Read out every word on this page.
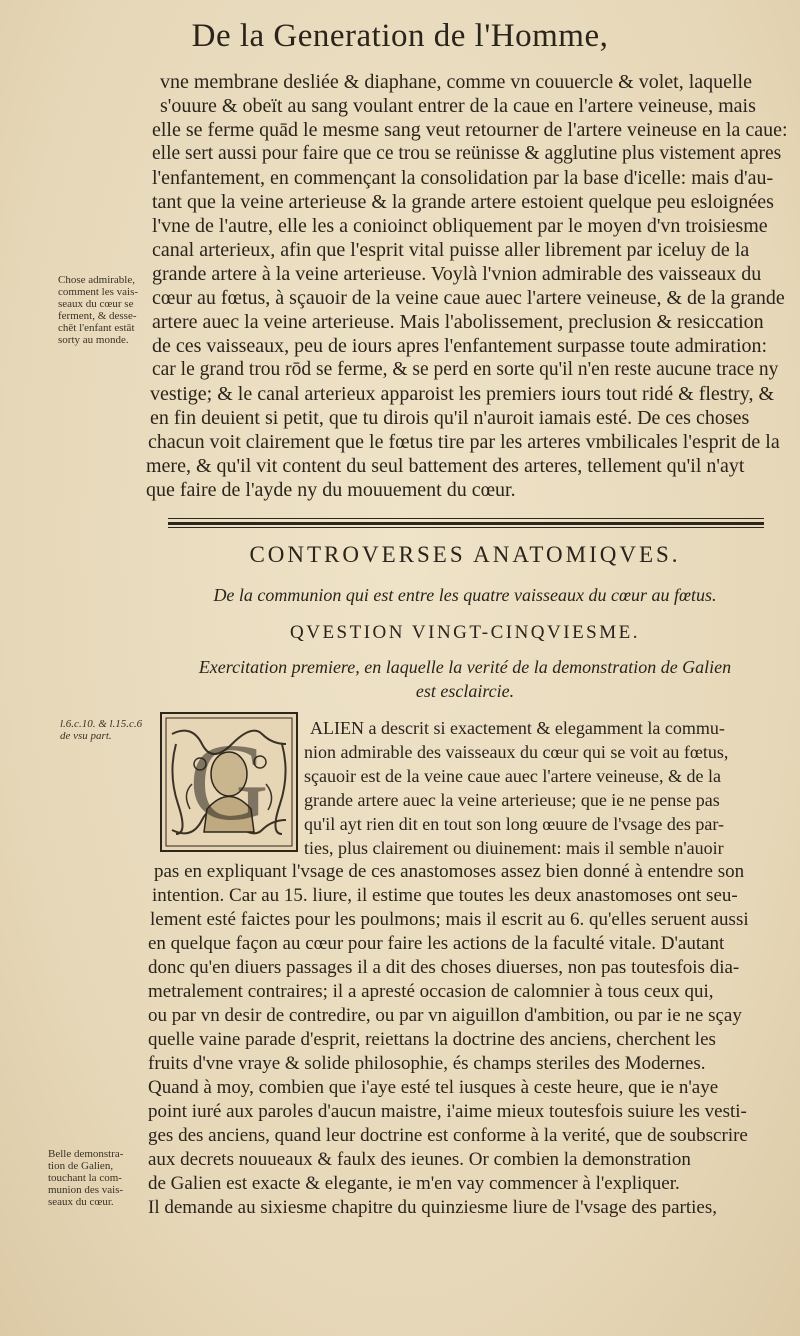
De la Generation de l'Homme,
vne membrane desliée & diaphane, comme vn couuercle & volet, laquelle
s'ouure & obeït au sang voulant entrer de la caue en l'artere veineuse, mais
elle se ferme quād le mesme sang veut retourner de l'artere veineuse en la caue:
elle sert aussi pour faire que ce trou se reünisse & agglutine plus vistement apres
l'enfantement, en commençant la consolidation par la base d'icelle: mais d'au-
tant que la veine arterieuse & la grande artere estoient quelque peu esloignées
l'vne de l'autre, elle les a conioinct obliquement par le moyen d'vn troisiesme
canal arterieux, afin que l'esprit vital puisse aller librement par iceluy de la
grande artere à la veine arterieuse. Voylà l'vnion admirable des vaisseaux du
cœur au fœtus, à sçauoir de la veine caue auec l'artere veineuse, & de la grande
artere auec la veine arterieuse. Mais l'abolissement, preclusion & resiccation
de ces vaisseaux, peu de iours apres l'enfantement surpasse toute admiration:
car le grand trou rōd se ferme, & se perd en sorte qu'il n'en reste aucune trace ny
vestige; & le canal arterieux apparoist les premiers iours tout ridé & flestry, &
en fin deuient si petit, que tu dirois qu'il n'auroit iamais esté. De ces choses
chacun voit clairement que le fœtus tire par les arteres vmbilicales l'esprit de la
mere, & qu'il vit content du seul battement des arteres, tellement qu'il n'ayt
que faire de l'ayde ny du mouuement du cœur.
Chose admirable,
comment les vais-
seaux du cœur se
ferment, & desse-
chēt l'enfant estāt
sorty au monde.
CONTROVERSES ANATOMIQVES.
De la communion qui est entre les quatre vaisseaux du cœur au fœtus.
QVESTION VINGT-CINQVIESME.
Exercitation premiere, en laquelle la verité de la demonstration de Galien
est esclaircie.
l.6.c.10. & l.15.c.6
de vsu part. G	ALIEN a descrit si exactement & elegamment la commu-
nion admirable des vaisseaux du cœur qui se voit au fœtus,
sçauoir est de la veine caue auec l'artere veineuse, & de la
grande artere auec la veine arterieuse; que ie ne pense pas
qu'il ayt rien dit en tout son long œuure de l'vsage des par-
ties, plus clairement ou diuinement: mais il semble n'auoir
pas en expliquant l'vsage de ces anastomoses assez bien donné à entendre son
intention. Car au 15. liure, il estime que toutes les deux anastomoses ont seu-
lement esté faictes pour les poulmons; mais il escrit au 6. qu'elles seruent aussi
en quelque façon au cœur pour faire les actions de la faculté vitale. D'autant
donc qu'en diuers passages il a dit des choses diuerses, non pas toutesfois dia-
metralement contraires; il a apresté occasion de calomnier à tous ceux qui,
ou par vn desir de contredire, ou par vn aiguillon d'ambition, ou par ie ne sçay
quelle vaine parade d'esprit, reiettans la doctrine des anciens, cherchent les
fruits d'vne vraye & solide philosophie, és champs steriles des Modernes.
Quand à moy, combien que i'aye esté tel iusques à ceste heure, que ie n'aye
point iuré aux paroles d'aucun maistre, i'aime mieux toutesfois suiure les vesti-
ges des anciens, quand leur doctrine est conforme à la verité, que de soubscrire
aux decrets nouueaux & faulx des ieunes. Or combien la demonstration
de Galien est exacte & elegante, ie m'en vay commencer à l'expliquer.
Il demande au sixiesme chapitre du quinziesme liure de l'vsage des parties,
Belle demonstra-
tion de Galien,
touchant la com-
munion des vais-
seaux du cœur.
